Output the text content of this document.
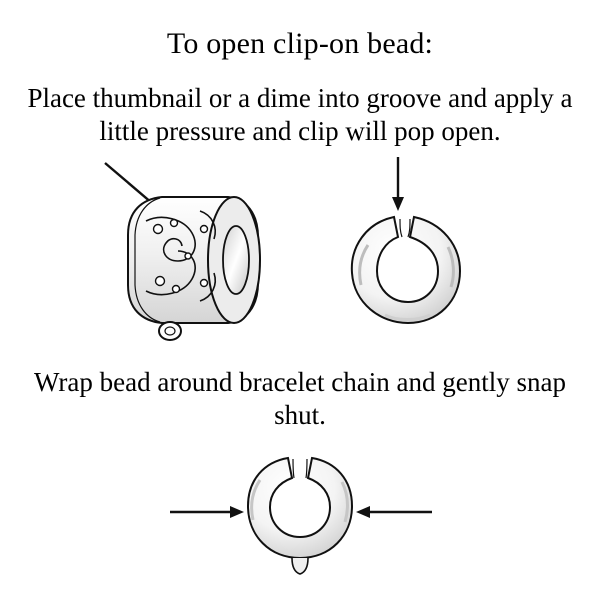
To open clip-on bead:
Place thumbnail or a dime into groove and apply a little pressure and clip will pop open.
Wrap bead around bracelet chain and gently snap shut.
